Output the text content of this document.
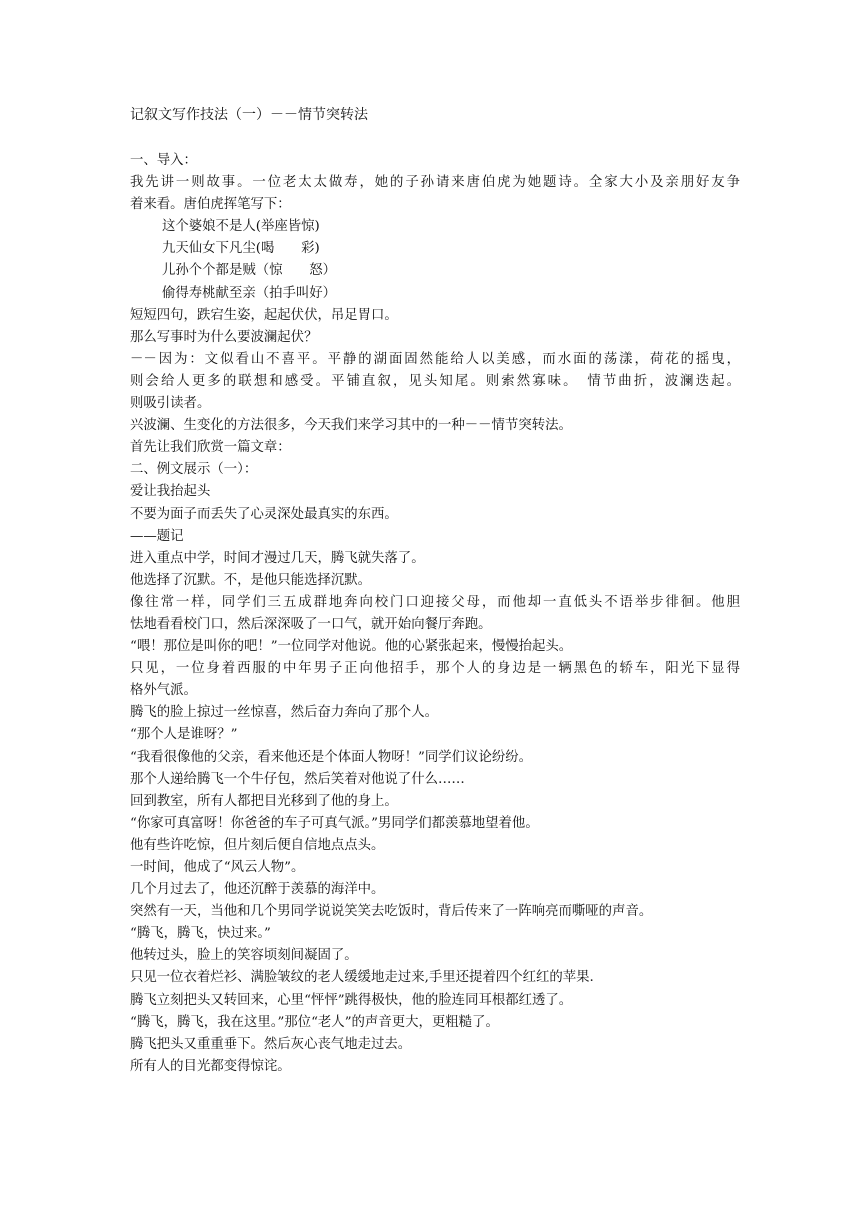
记叙文写作技法（一）－－情节突转法
一、导入：
我先讲一则故事。一位老太太做寿，她的子孙请来唐伯虎为她题诗。全家大小及亲朋好友争
着来看。唐伯虎挥笔写下：
这个婆娘不是人(举座皆惊)
九天仙女下凡尘(喝　　彩)
儿孙个个都是贼（惊　　怒）
偷得寿桃献至亲（拍手叫好）
短短四句，跌宕生姿，起起伏伏，吊足胃口。
那么写事时为什么要波澜起伏？
－－因为：文似看山不喜平。平静的湖面固然能给人以美感，而水面的荡漾，荷花的摇曳，
则会给人更多的联想和感受。平铺直叙，见头知尾。则索然寡味。　情节曲折，波澜迭起。
则吸引读者。
兴波澜、生变化的方法很多，今天我们来学习其中的一种－－情节突转法。
首先让我们欣赏一篇文章：
二、例文展示（一）：
爱让我抬起头
不要为面子而丢失了心灵深处最真实的东西。
——题记
进入重点中学，时间才漫过几天，腾飞就失落了。
他选择了沉默。不，是他只能选择沉默。
像往常一样，同学们三五成群地奔向校门口迎接父母，而他却一直低头不语举步徘徊。他胆
怯地看看校门口，然后深深吸了一口气，就开始向餐厅奔跑。
“喂！那位是叫你的吧！”一位同学对他说。他的心紧张起来，慢慢抬起头。
只见，一位身着西服的中年男子正向他招手，那个人的身边是一辆黑色的轿车，阳光下显得
格外气派。
腾飞的脸上掠过一丝惊喜，然后奋力奔向了那个人。
“那个人是谁呀？”
“我看很像他的父亲，看来他还是个体面人物呀！”同学们议论纷纷。
那个人递给腾飞一个牛仔包，然后笑着对他说了什么……
回到教室，所有人都把目光移到了他的身上。
“你家可真富呀！你爸爸的车子可真气派。”男同学们都羡慕地望着他。
他有些许吃惊，但片刻后便自信地点点头。
一时间，他成了“风云人物”。
几个月过去了，他还沉醉于羡慕的海洋中。
突然有一天，当他和几个男同学说说笑笑去吃饭时，背后传来了一阵响亮而嘶哑的声音。
“腾飞，腾飞，快过来。”
他转过头，脸上的笑容顷刻间凝固了。
只见一位衣着烂衫、满脸皱纹的老人缓缓地走过来,手里还提着四个红红的苹果.
腾飞立刻把头又转回来，心里“怦怦”跳得极快，他的脸连同耳根都红透了。
“腾飞，腾飞，我在这里。”那位“老人”的声音更大，更粗糙了。
腾飞把头又重重垂下。然后灰心丧气地走过去。
所有人的目光都变得惊诧。
